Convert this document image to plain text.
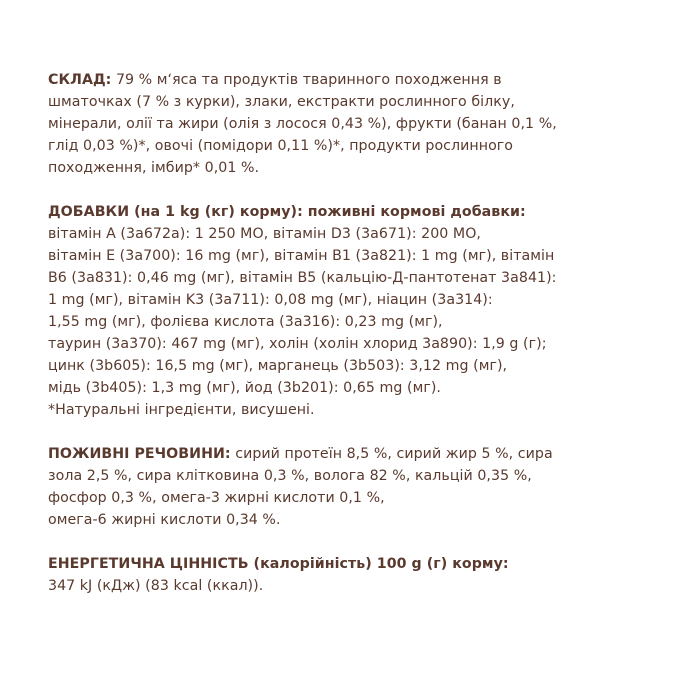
СКЛАД: 79 % м‘яса та продуктів тваринного походження в

шматочках (7 % з курки), злаки, екстракти рослинного білку,

мінерали, олії та жири (олія з лосося 0,43 %), фрукти (банан 0,1 %,

глід 0,03 %)*, овочі (помідори 0,11 %)*, продукти рослинного

походження, імбир* 0,01 %.

ДОБАВКИ (на 1 kg (кг) корму): поживні кормові добавки:

вітамін A (3a672a): 1 250 МО, вітамін D3 (3a671): 200 МО,

вітамін E (3a700): 16 mg (мг), вітамін B1 (3a821): 1 mg (мг), вітамін

B6 (3a831): 0,46 mg (мг), вітамін B5 (кальцію-Д-пантотенат 3a841):

1 mg (мг), вітамін K3 (3a711): 0,08 mg (мг), ніацин (3a314):

1,55 mg (мг), фолієва кислота (3a316): 0,23 mg (мг),

таурин (3a370): 467 mg (мг), холін (холін хлорид 3a890): 1,9 g (г);

цинк (3b605): 16,5 mg (мг), марганець (3b503): 3,12 mg (мг),

мідь (3b405): 1,3 mg (мг), йод (3b201): 0,65 mg (мг).

*Натуральні інгредієнти, висушені.

ПОЖИВНІ РЕЧОВИНИ: сирий протеїн 8,5 %, сирий жир 5 %, сира

зола 2,5 %, сира клітковина 0,3 %, волога 82 %, кальцій 0,35 %,

фосфор 0,3 %, омега-3 жирні кислоти 0,1 %,

омега-6 жирні кислоти 0,34 %.

ЕНЕРГЕТИЧНА ЦІННІСТЬ (калорійність) 100 g (г) корму:

347 kJ (кДж) (83 kcal (ккал)).
